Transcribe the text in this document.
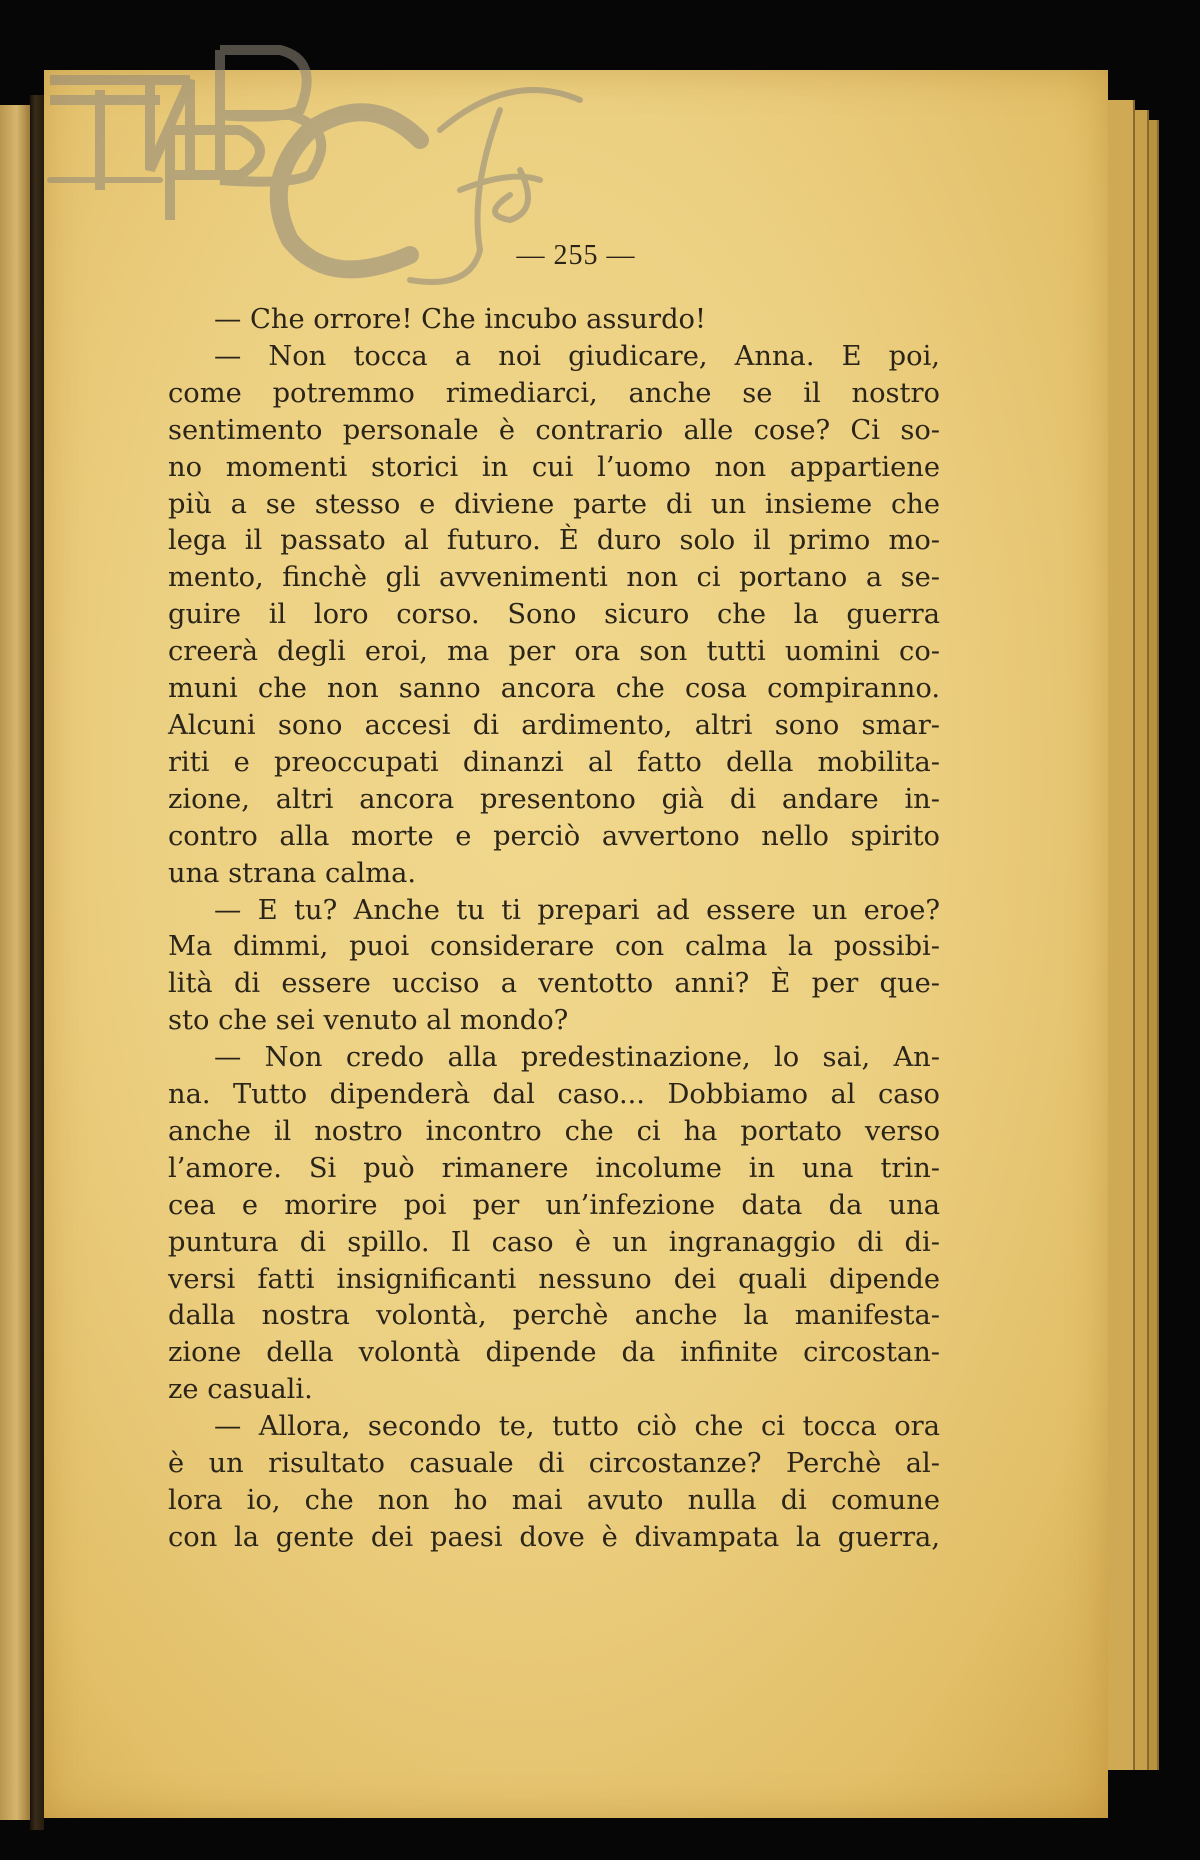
— 255 —
— Che orrore! Che incubo assurdo!
— Non tocca a noi giudicare, Anna. E poi,
come potremmo rimediarci, anche se il nostro
sentimento personale è contrario alle cose? Ci so-
no momenti storici in cui l’uomo non appartiene
più a se stesso e diviene parte di un insieme che
lega il passato al futuro. È duro solo il primo mo-
mento, finchè gli avvenimenti non ci portano a se-
guire il loro corso. Sono sicuro che la guerra
creerà degli eroi, ma per ora son tutti uomini co-
muni che non sanno ancora che cosa compiranno.
Alcuni sono accesi di ardimento, altri sono smar-
riti e preoccupati dinanzi al fatto della mobilita-
zione, altri ancora presentono già di andare in-
contro alla morte e perciò avvertono nello spirito
una strana calma.
— E tu? Anche tu ti prepari ad essere un eroe?
Ma dimmi, puoi considerare con calma la possibi-
lità di essere ucciso a ventotto anni? È per que-
sto che sei venuto al mondo?
— Non credo alla predestinazione, lo sai, An-
na. Tutto dipenderà dal caso... Dobbiamo al caso
anche il nostro incontro che ci ha portato verso
l’amore. Si può rimanere incolume in una trin-
cea e morire poi per un’infezione data da una
puntura di spillo. Il caso è un ingranaggio di di-
versi fatti insignificanti nessuno dei quali dipende
dalla nostra volontà, perchè anche la manifesta-
zione della volontà dipende da infinite circostan-
ze casuali.
— Allora, secondo te, tutto ciò che ci tocca ora
è un risultato casuale di circostanze? Perchè al-
lora io, che non ho mai avuto nulla di comune
con la gente dei paesi dove è divampata la guerra,
